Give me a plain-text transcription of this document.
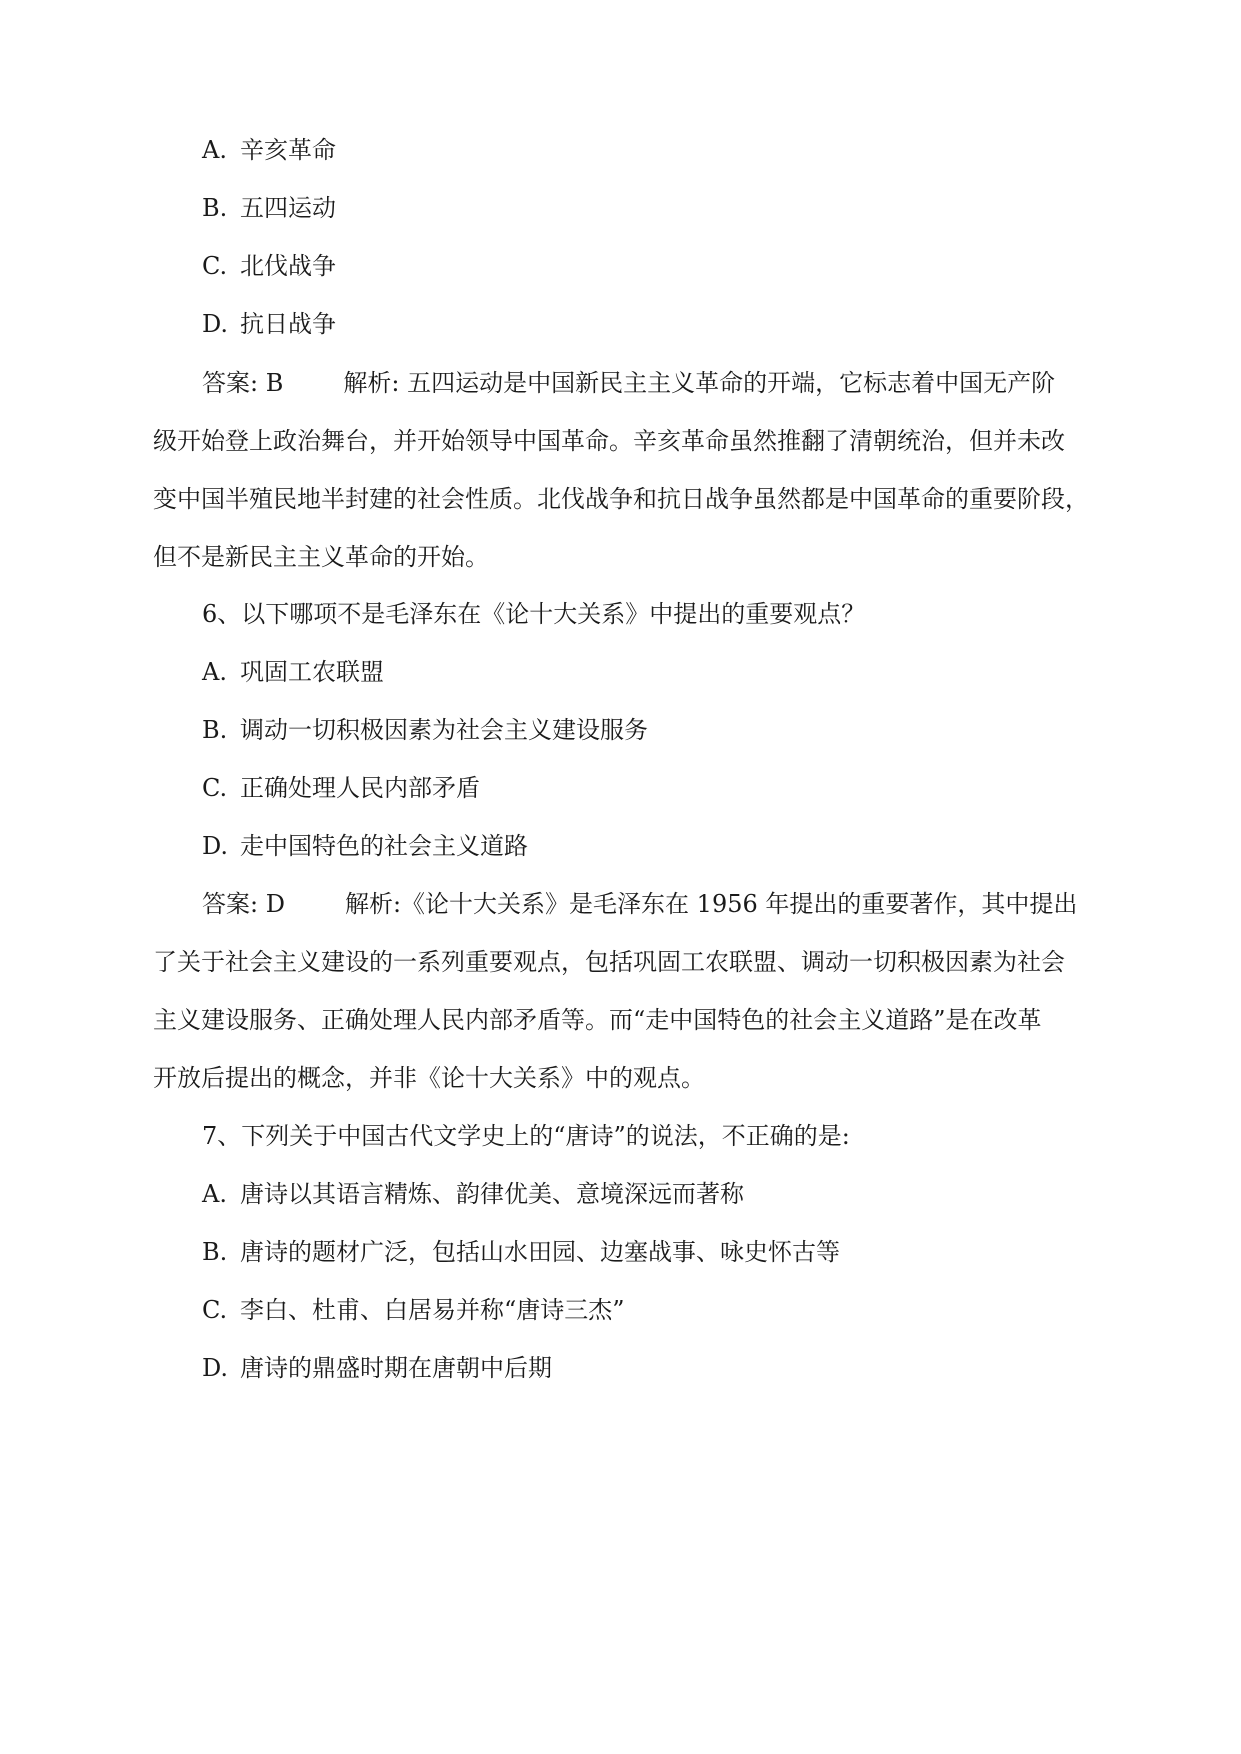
A. 辛亥革命
B. 五四运动
C. 北伐战争
D. 抗日战争
答案: B	解析: 五四运动是中国新民主主义革命的开端，它标志着中国无产阶
级开始登上政治舞台，并开始领导中国革命。辛亥革命虽然推翻了清朝统治，但并未改
变中国半殖民地半封建的社会性质。北伐战争和抗日战争虽然都是中国革命的重要阶段，
但不是新民主主义革命的开始。
6、以下哪项不是毛泽东在《论十大关系》中提出的重要观点？
A. 巩固工农联盟
B. 调动一切积极因素为社会主义建设服务
C. 正确处理人民内部矛盾
D. 走中国特色的社会主义道路
答案: D	解析:《论十大关系》是毛泽东在 1956 年提出的重要著作，其中提出
了关于社会主义建设的一系列重要观点，包括巩固工农联盟、调动一切积极因素为社会
主义建设服务、正确处理人民内部矛盾等。而“走中国特色的社会主义道路”是在改革
开放后提出的概念，并非《论十大关系》中的观点。
7、下列关于中国古代文学史上的“唐诗”的说法，不正确的是:
A. 唐诗以其语言精炼、韵律优美、意境深远而著称
B. 唐诗的题材广泛，包括山水田园、边塞战事、咏史怀古等
C. 李白、杜甫、白居易并称“唐诗三杰”
D. 唐诗的鼎盛时期在唐朝中后期
